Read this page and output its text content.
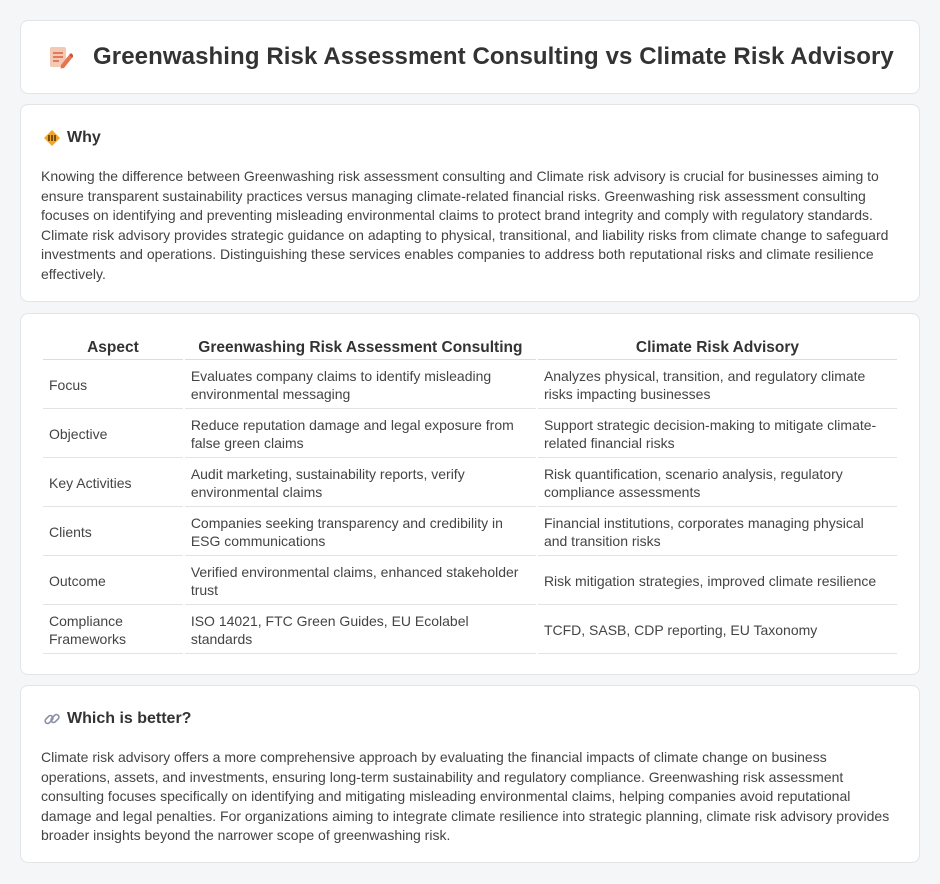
Greenwashing Risk Assessment Consulting vs Climate Risk Advisory
Why
Knowing the difference between Greenwashing risk assessment consulting and Climate risk advisory is crucial for businesses aiming to ensure transparent sustainability practices versus managing climate-related financial risks. Greenwashing risk assessment consulting focuses on identifying and preventing misleading environmental claims to protect brand integrity and comply with regulatory standards. Climate risk advisory provides strategic guidance on adapting to physical, transitional, and liability risks from climate change to safeguard investments and operations. Distinguishing these services enables companies to address both reputational risks and climate resilience effectively.
Aspect	Greenwashing Risk Assessment Consulting	Climate Risk Advisory
Focus	Evaluates company claims to identify misleading environmental messaging	Analyzes physical, transition, and regulatory climate risks impacting businesses
Objective	Reduce reputation damage and legal exposure from false green claims	Support strategic decision-making to mitigate climate-related financial risks
Key Activities	Audit marketing, sustainability reports, verify environmental claims	Risk quantification, scenario analysis, regulatory compliance assessments
Clients	Companies seeking transparency and credibility in ESG communications	Financial institutions, corporates managing physical and transition risks
Outcome	Verified environmental claims, enhanced stakeholder trust	Risk mitigation strategies, improved climate resilience
Compliance Frameworks	ISO 14021, FTC Green Guides, EU Ecolabel standards	TCFD, SASB, CDP reporting, EU Taxonomy
Which is better?
Climate risk advisory offers a more comprehensive approach by evaluating the financial impacts of climate change on business operations, assets, and investments, ensuring long-term sustainability and regulatory compliance. Greenwashing risk assessment consulting focuses specifically on identifying and mitigating misleading environmental claims, helping companies avoid reputational damage and legal penalties. For organizations aiming to integrate climate resilience into strategic planning, climate risk advisory provides broader insights beyond the narrower scope of greenwashing risk.
